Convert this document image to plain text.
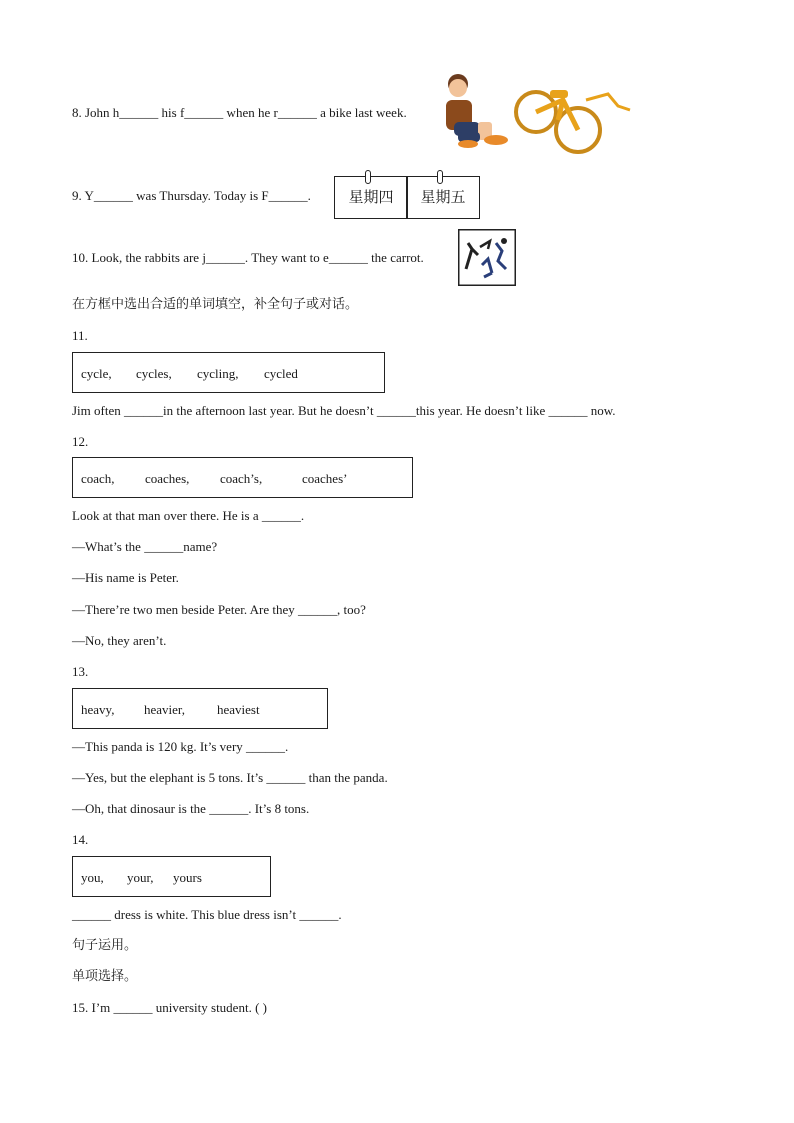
8. John h______ his f______ when he r______ a bike last week.
9. Y______ was Thursday. Today is F______.	星期四	星期五
10. Look, the rabbits are j______. They want to e______ the carrot.
在方框中选出合适的单词填空，补全句子或对话。
11.
cycle, cycles, cycling, cycled
Jim often ______in the afternoon last year. But he doesn’t ______this year. He doesn’t like ______ now.
12.
coach, coaches, coach’s,	coaches’
Look at that man over there. He is a ______.
—What’s the ______name?
—His name is Peter.
—There’re two men beside Peter. Are they ______, too?
—No, they aren’t.
13.
heavy, heavier, heaviest
—This panda is 120 kg. It’s very ______.
—Yes, but the elephant is 5 tons. It’s ______ than the panda.
—Oh, that dinosaur is the ______. It’s 8 tons.
14.
you, your, yours
______ dress is white. This blue dress isn’t ______.
句子运用。
单项选择。
15. I’m ______ university student. ( )
